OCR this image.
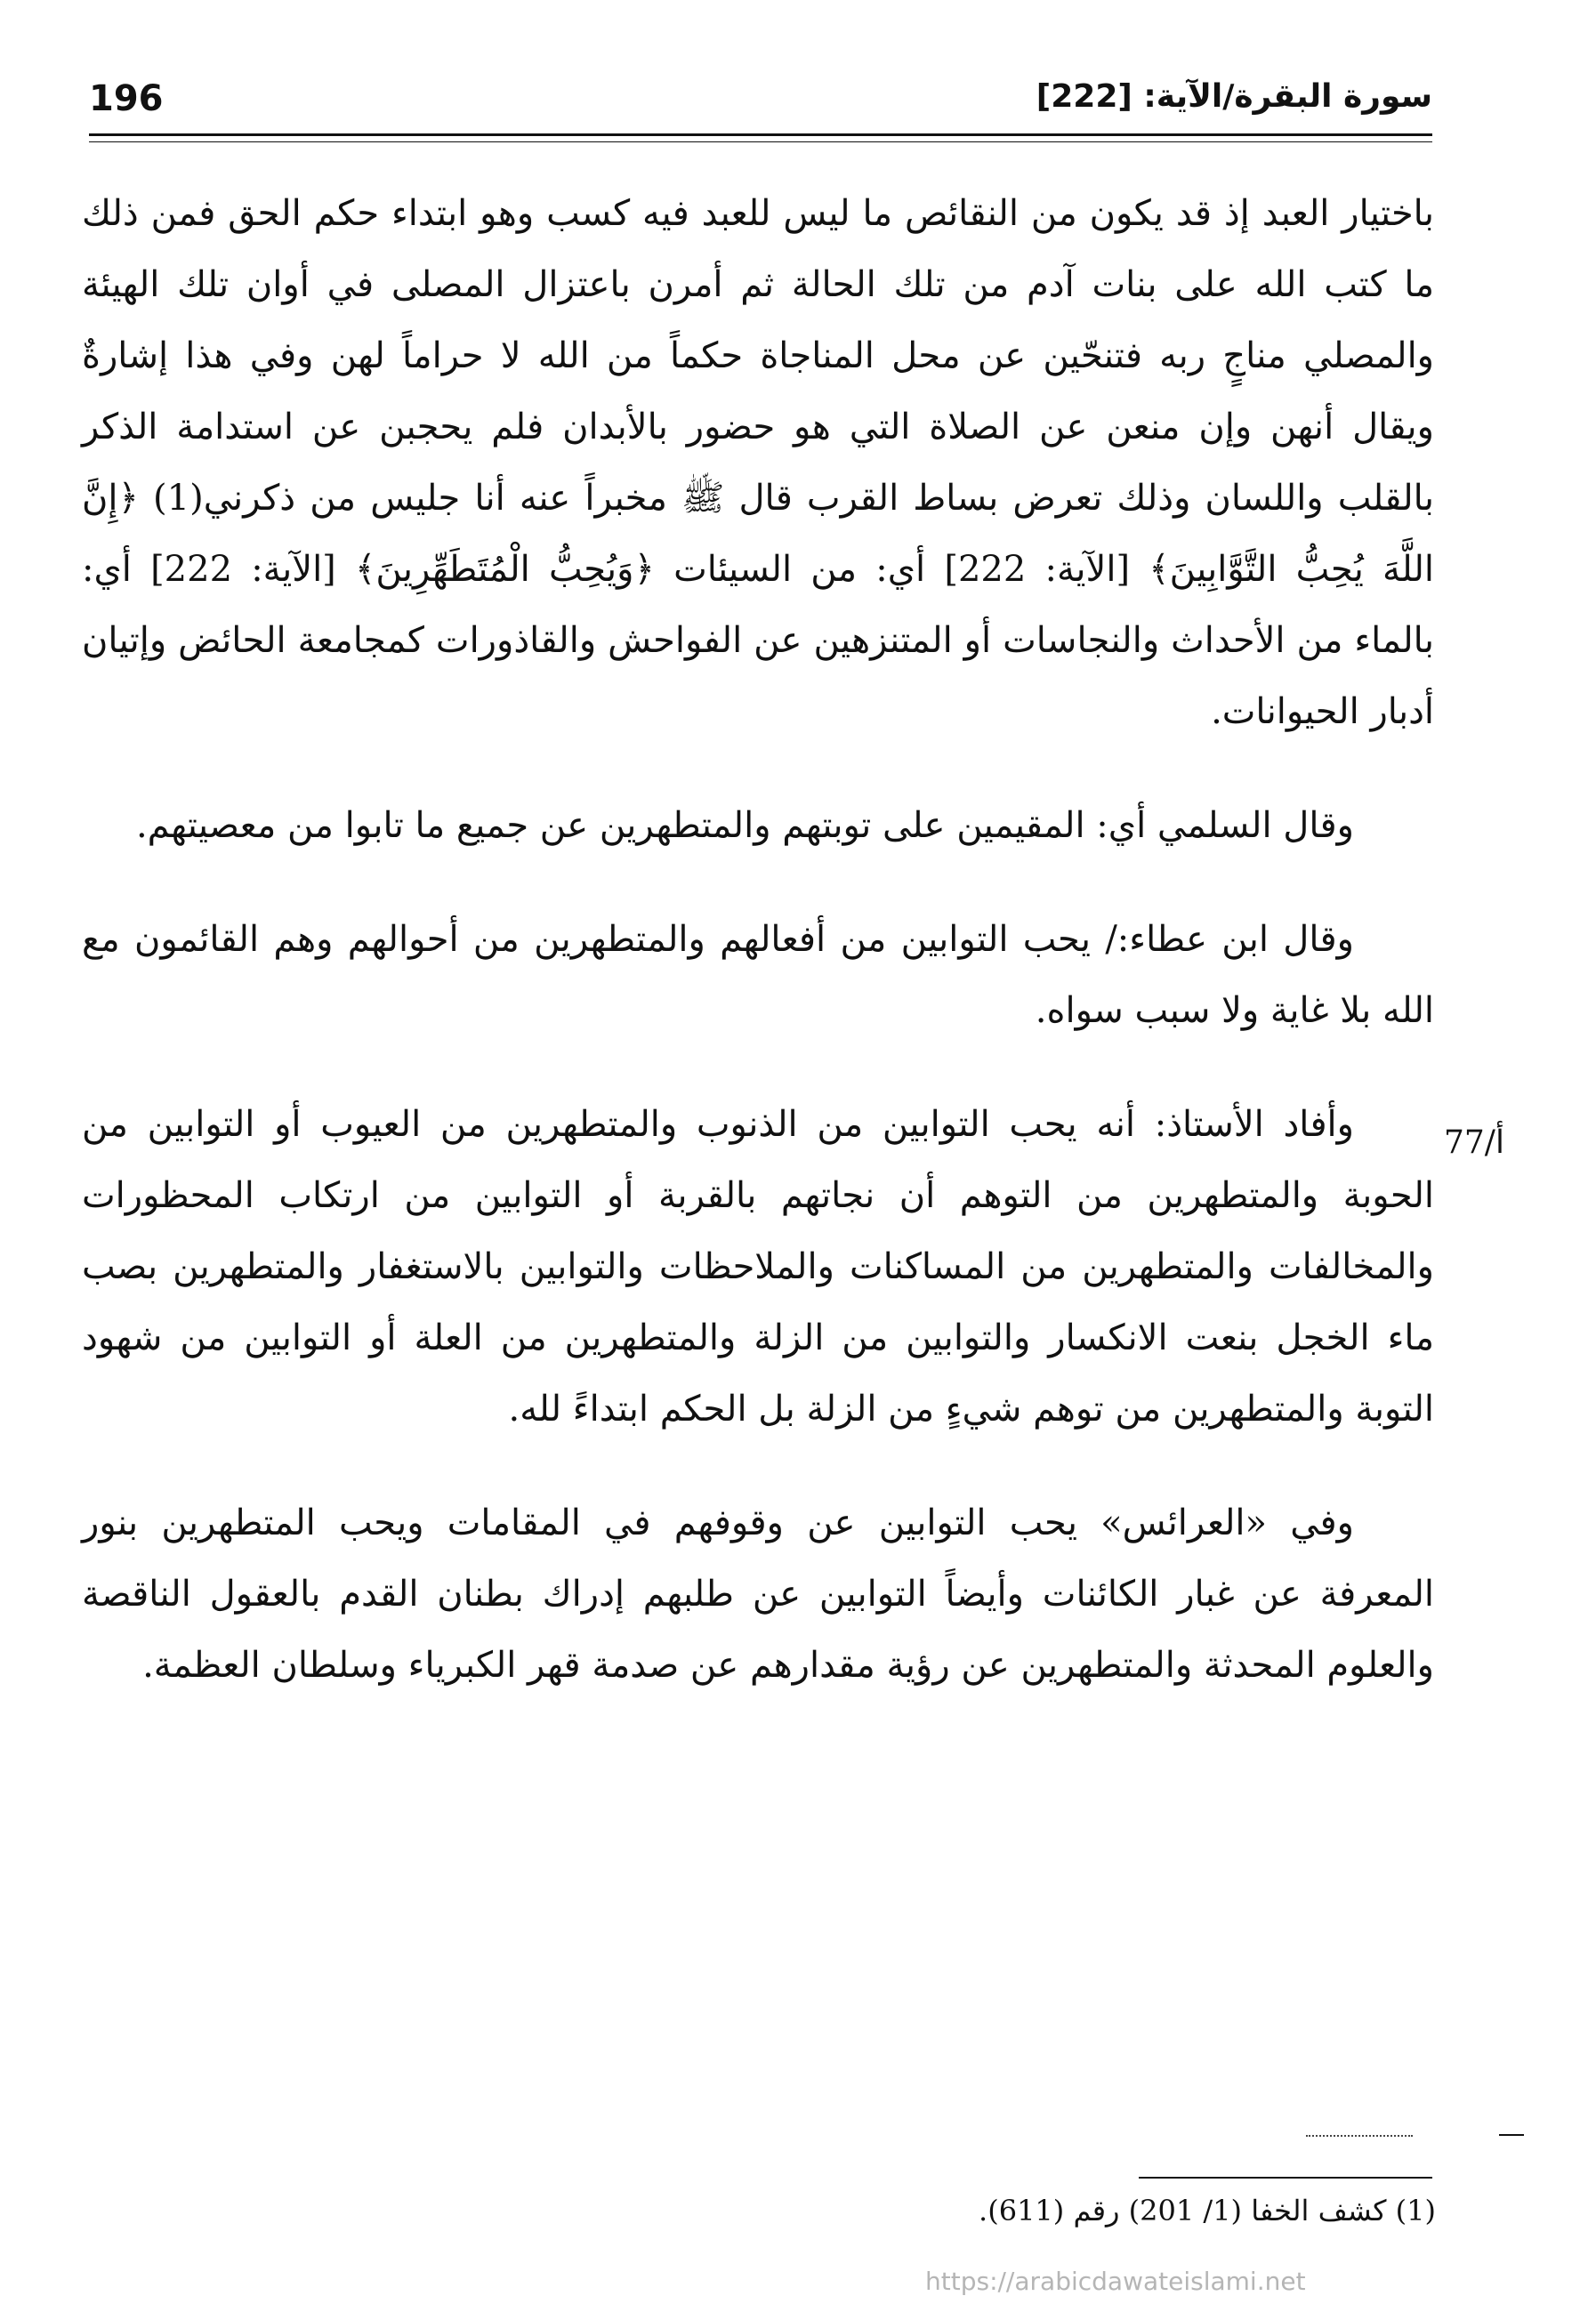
196	سورة البقرة/الآية: [222]

باختيار العبد إذ قد يكون من النقائص ما ليس للعبد فيه كسب وهو ابتداء حكم الحق فمن ذلك ما كتب الله على بنات آدم من تلك الحالة ثم أمرن باعتزال المصلى في أوان تلك الهيئة والمصلي مناجٍ ربه فتنحّين عن محل المناجاة حكماً من الله لا حراماً لهن وفي هذا إشارةٌ ويقال أنهن وإن منعن عن الصلاة التي هو حضور بالأبدان فلم يحجبن عن استدامة الذكر بالقلب واللسان وذلك تعرض بساط القرب قال ﷺ مخبراً عنه أنا جليس من ذكرني(1) ﴿إِنَّ اللَّهَ يُحِبُّ التَّوَّابِينَ﴾ [الآية: 222] أي: من السيئات ﴿وَيُحِبُّ الْمُتَطَهِّرِينَ﴾ [الآية: 222] أي: بالماء من الأحداث والنجاسات أو المتنزهين عن الفواحش والقاذورات كمجامعة الحائض وإتيان أدبار الحيوانات.

وقال السلمي أي: المقيمين على توبتهم والمتطهرين عن جميع ما تابوا من معصيتهم.

وقال ابن عطاء:/ يحب التوابين من أفعالهم والمتطهرين من أحوالهم وهم القائمون مع الله بلا غاية ولا سبب سواه.

وأفاد الأستاذ: أنه يحب التوابين من الذنوب والمتطهرين من العيوب أو التوابين من الحوبة والمتطهرين من التوهم أن نجاتهم بالقربة أو التوابين من ارتكاب المحظورات والمخالفات والمتطهرين من المساكنات والملاحظات والتوابين بالاستغفار والمتطهرين بصب ماء الخجل بنعت الانكسار والتوابين من الزلة والمتطهرين من العلة أو التوابين من شهود التوبة والمتطهرين من توهم شيءٍ من الزلة بل الحكم ابتداءً لله.

وفي «العرائس» يحب التوابين عن وقوفهم في المقامات ويحب المتطهرين بنور المعرفة عن غبار الكائنات وأيضاً التوابين عن طلبهم إدراك بطنان القدم بالعقول الناقصة والعلوم المحدثة والمتطهرين عن رؤية مقدارهم عن صدمة قهر الكبرياء وسلطان العظمة.

77/أ
(1) كشف الخفا (1/ 201) رقم (611).
https://arabicdawateislami.net
